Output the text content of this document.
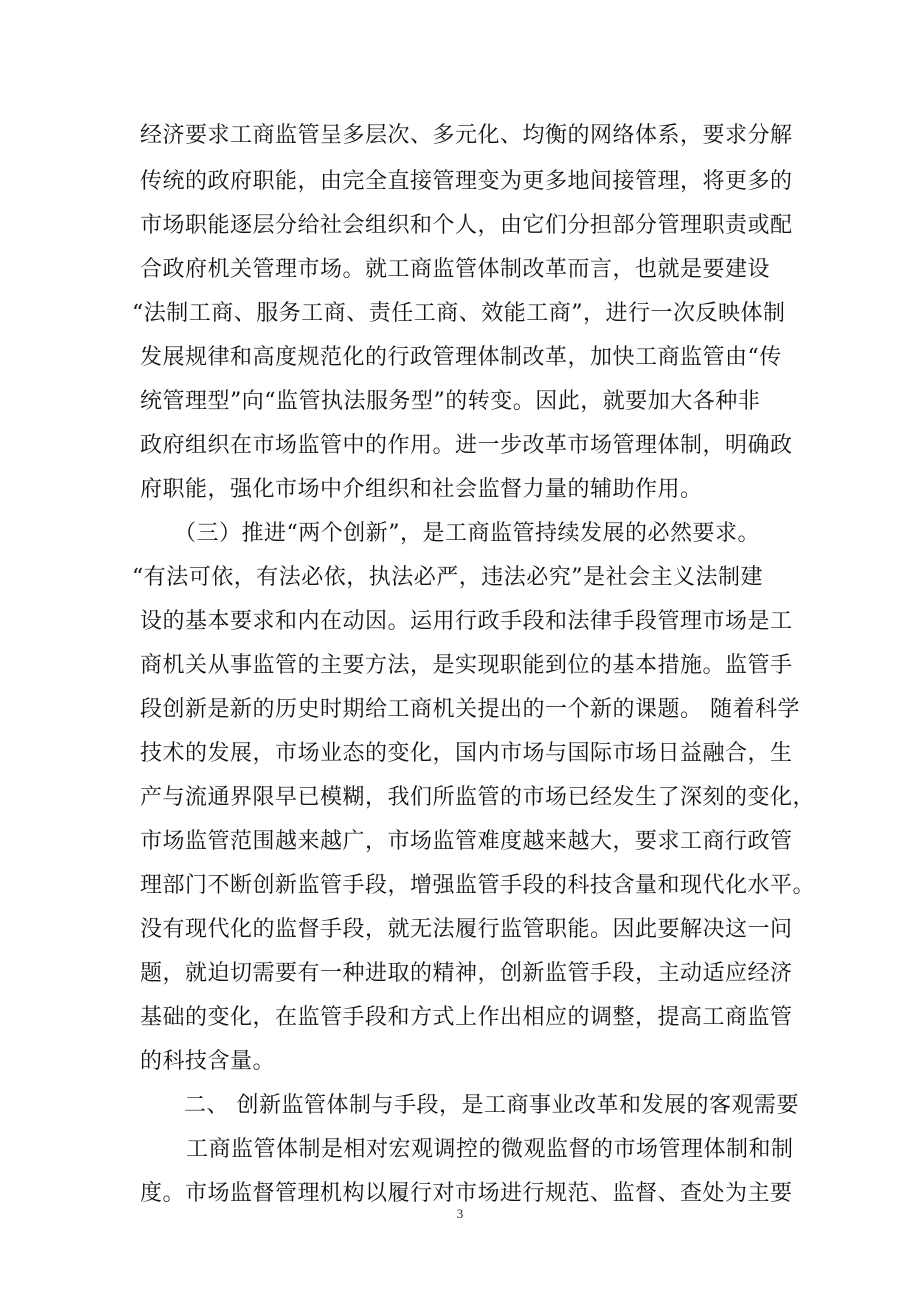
经济要求工商监管呈多层次、多元化、均衡的网络体系，要求分解
传统的政府职能，由完全直接管理变为更多地间接管理，将更多的
市场职能逐层分给社会组织和个人，由它们分担部分管理职责或配
合政府机关管理市场。就工商监管体制改革而言，也就是要建设
“法制工商、服务工商、责任工商、效能工商”，进行一次反映体制
发展规律和高度规范化的行政管理体制改革，加快工商监管由“传
统管理型”向“监管执法服务型”的转变。因此，就要加大各种非
政府组织在市场监管中的作用。进一步改革市场管理体制，明确政
府职能，强化市场中介组织和社会监督力量的辅助作用。
（三）推进“两个创新”，是工商监管持续发展的必然要求。
“有法可依，有法必依，执法必严，违法必究”是社会主义法制建
设的基本要求和内在动因。运用行政手段和法律手段管理市场是工
商机关从事监管的主要方法，是实现职能到位的基本措施。监管手
段创新是新的历史时期给工商机关提出的一个新的课题。 随着科学
技术的发展，市场业态的变化，国内市场与国际市场日益融合，生
产与流通界限早已模糊，我们所监管的市场已经发生了深刻的变化，
市场监管范围越来越广，市场监管难度越来越大，要求工商行政管
理部门不断创新监管手段，增强监管手段的科技含量和现代化水平。
没有现代化的监督手段，就无法履行监管职能。因此要解决这一问
题，就迫切需要有一种进取的精神，创新监管手段，主动适应经济
基础的变化，在监管手段和方式上作出相应的调整，提高工商监管
的科技含量。
二、 创新监管体制与手段，是工商事业改革和发展的客观需要
工商监管体制是相对宏观调控的微观监督的市场管理体制和制
度。市场监督管理机构以履行对市场进行规范、监督、查处为主要
3
